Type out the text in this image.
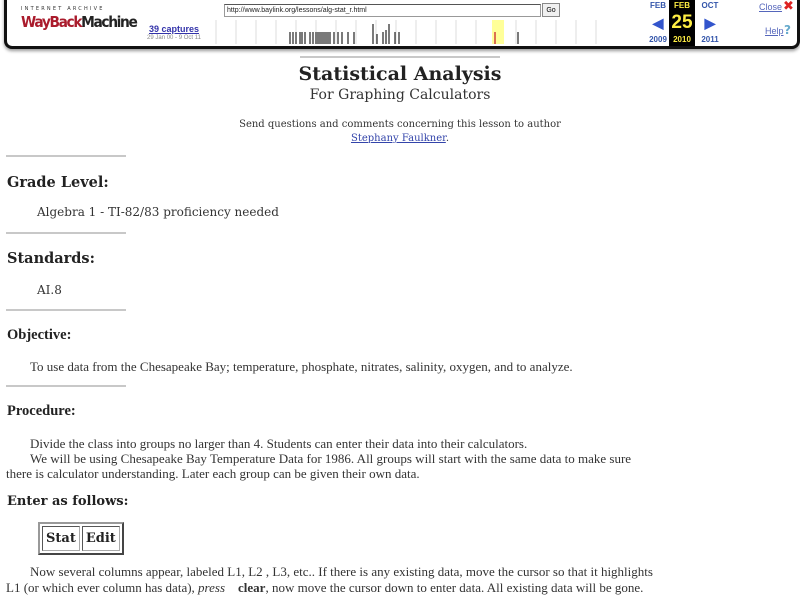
INTERNET ARCHIVE
WayBackMachine	39 captures
29 Jan 00 - 9 Oct 11
http://www.baylink.org/lessons/alg-stat_r.html	Go
FEB
◀
2009
FEB
25
2010
OCT
▶
2011
Close ✖
Help ?
Statistical Analysis
For Graphing Calculators
Send questions and comments concerning this lesson to author
Stephany Faulkner.
Grade Level:

Algebra 1 - TI-82/83 proficiency needed

Standards:

AI.8

Objective:

To use data from the Chesapeake Bay; temperature, phosphate, nitrates, salinity, oxygen, and to analyze.

Procedure:
Divide the class into groups no larger than 4. Students can enter their data into their calculators.
We will be using Chesapeake Bay Temperature Data for 1986. All groups will start with the same data to make sure
there is calculator understanding. Later each group can be given their own data.
Enter as follows:
Stat Edit
Now several columns appear, labeled L1, L2 , L3, etc.. If there is any existing data, move the cursor so that it highlights
L1 (or which ever column has data), press clear, now move the cursor down to enter data. All existing data will be gone.
